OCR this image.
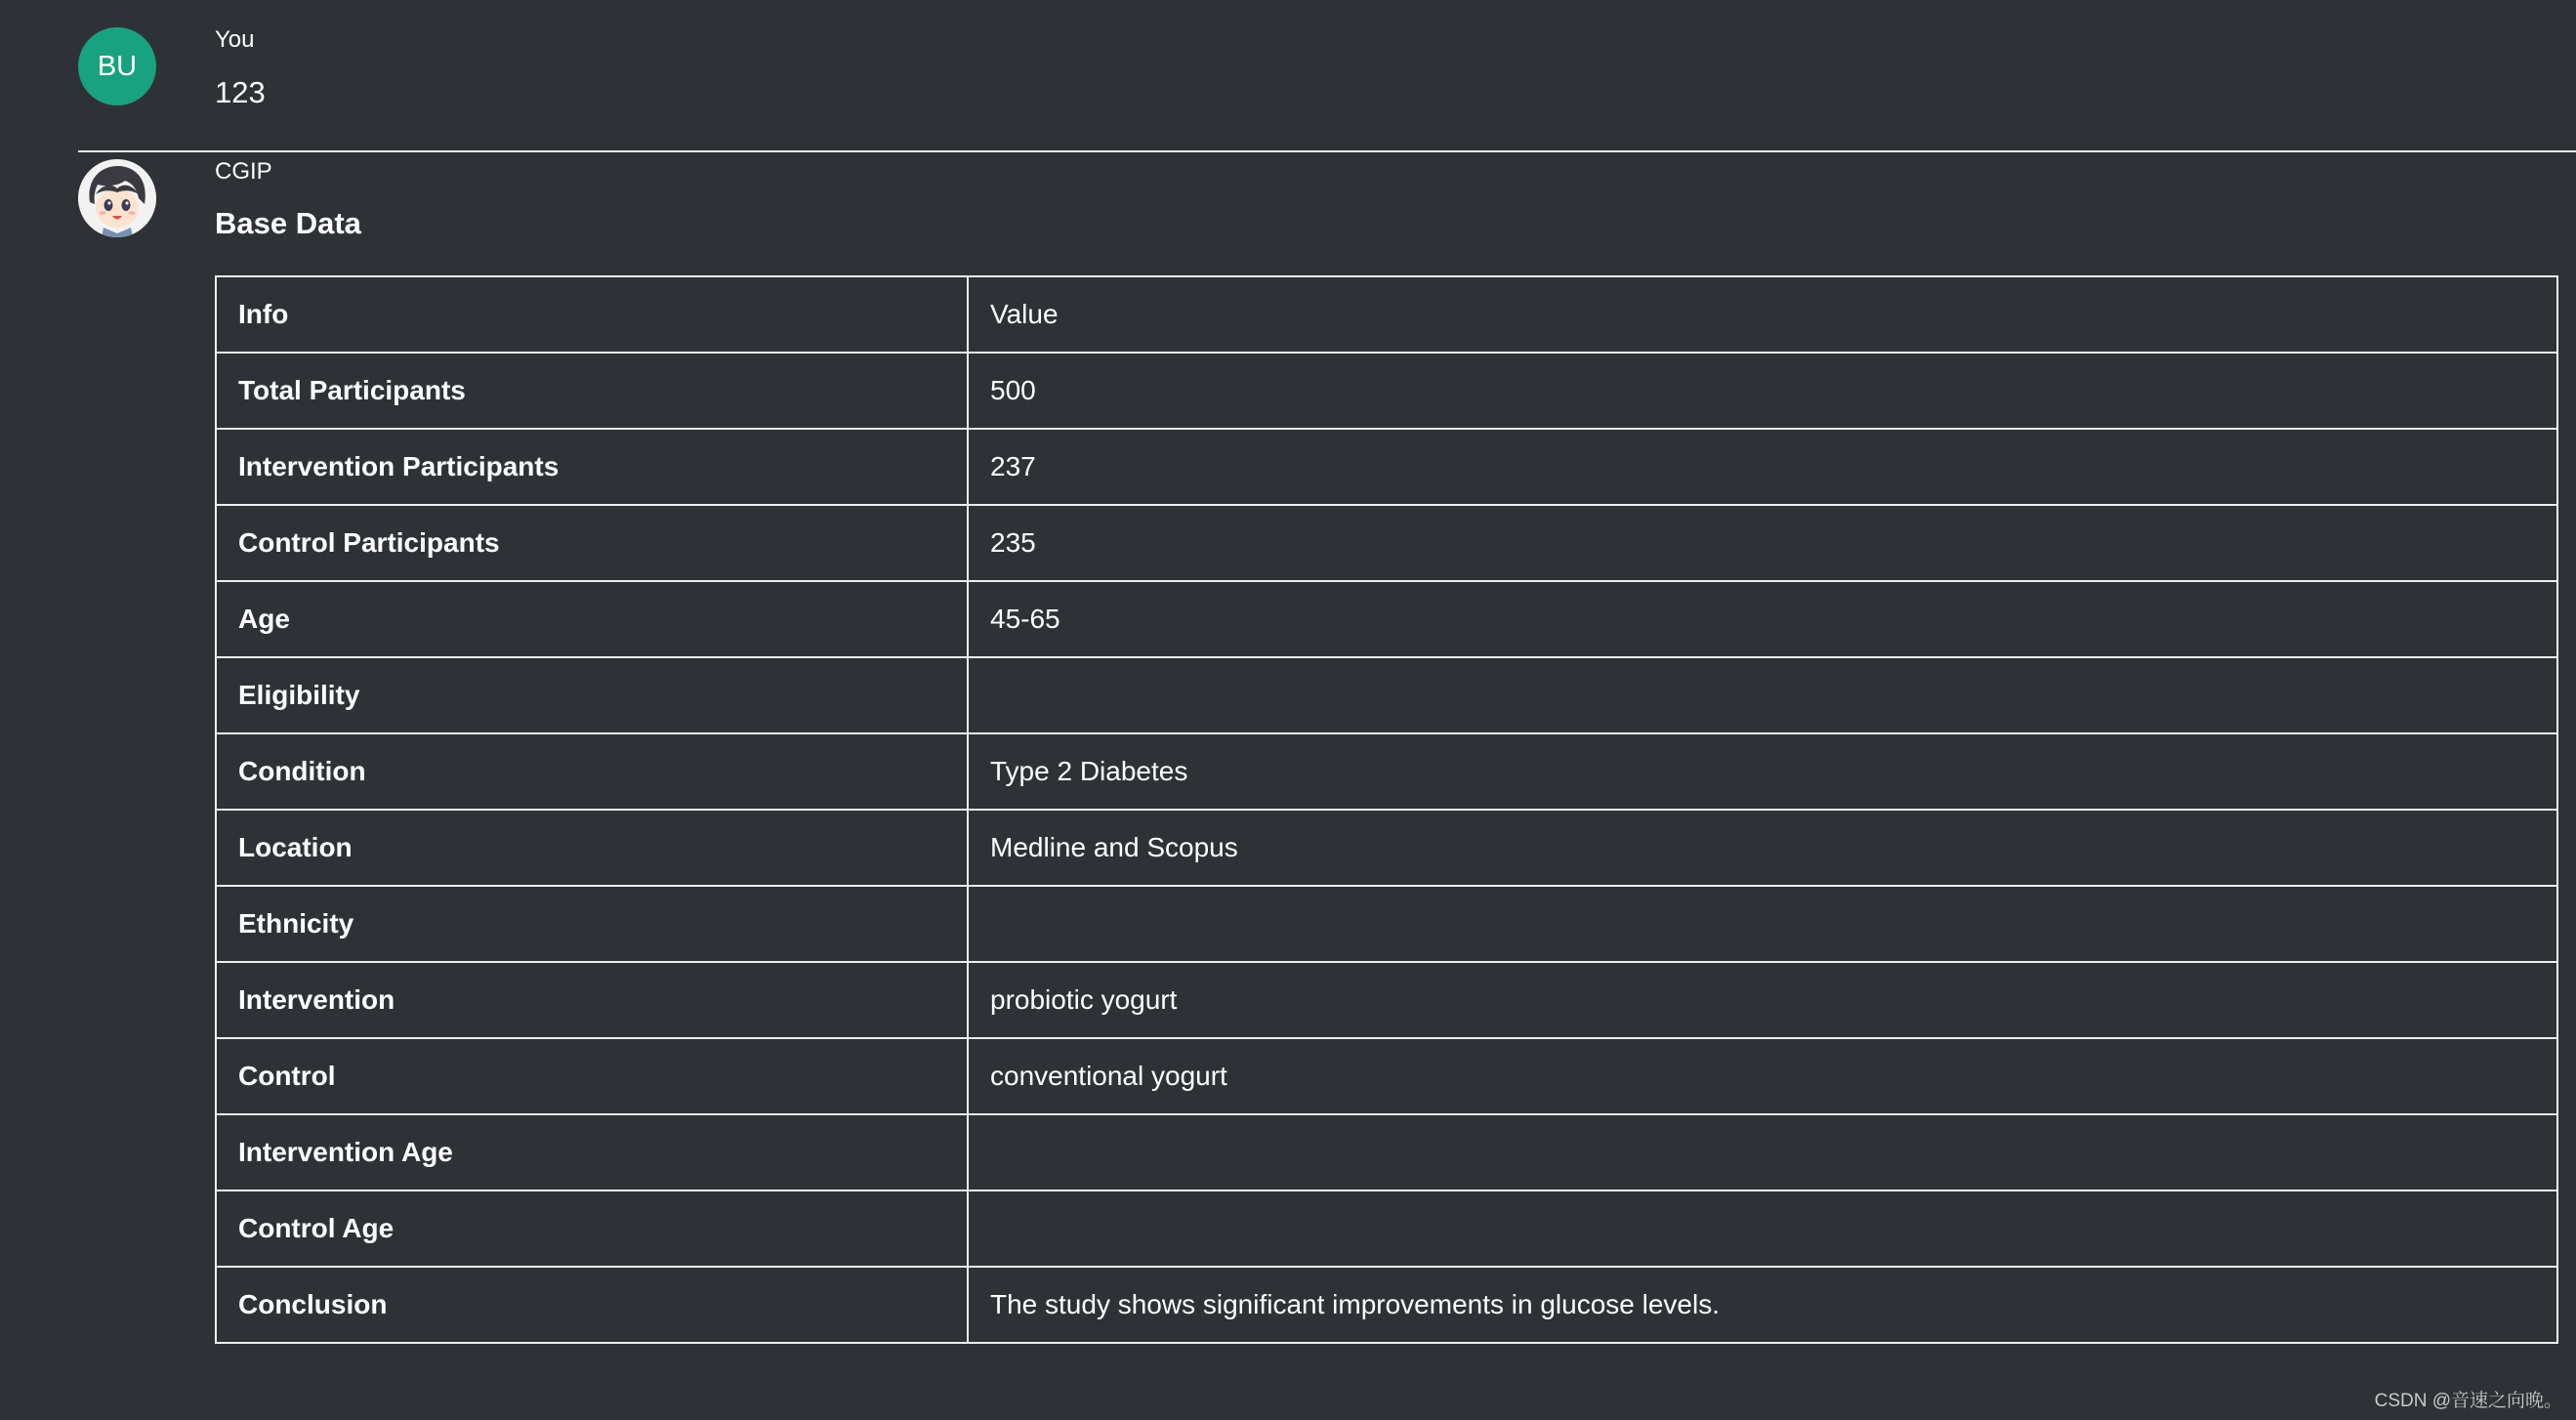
BU
You
123
CGIP
Base Data
Info	Value
Total Participants	500
Intervention Participants	237
Control Participants	235
Age	45-65
Eligibility	
Condition	Type 2 Diabetes
Location	Medline and Scopus
Ethnicity	
Intervention	probiotic yogurt
Control	conventional yogurt
Intervention Age	
Control Age	
Conclusion	The study shows significant improvements in glucose levels.
CSDN @音速之向晚。
